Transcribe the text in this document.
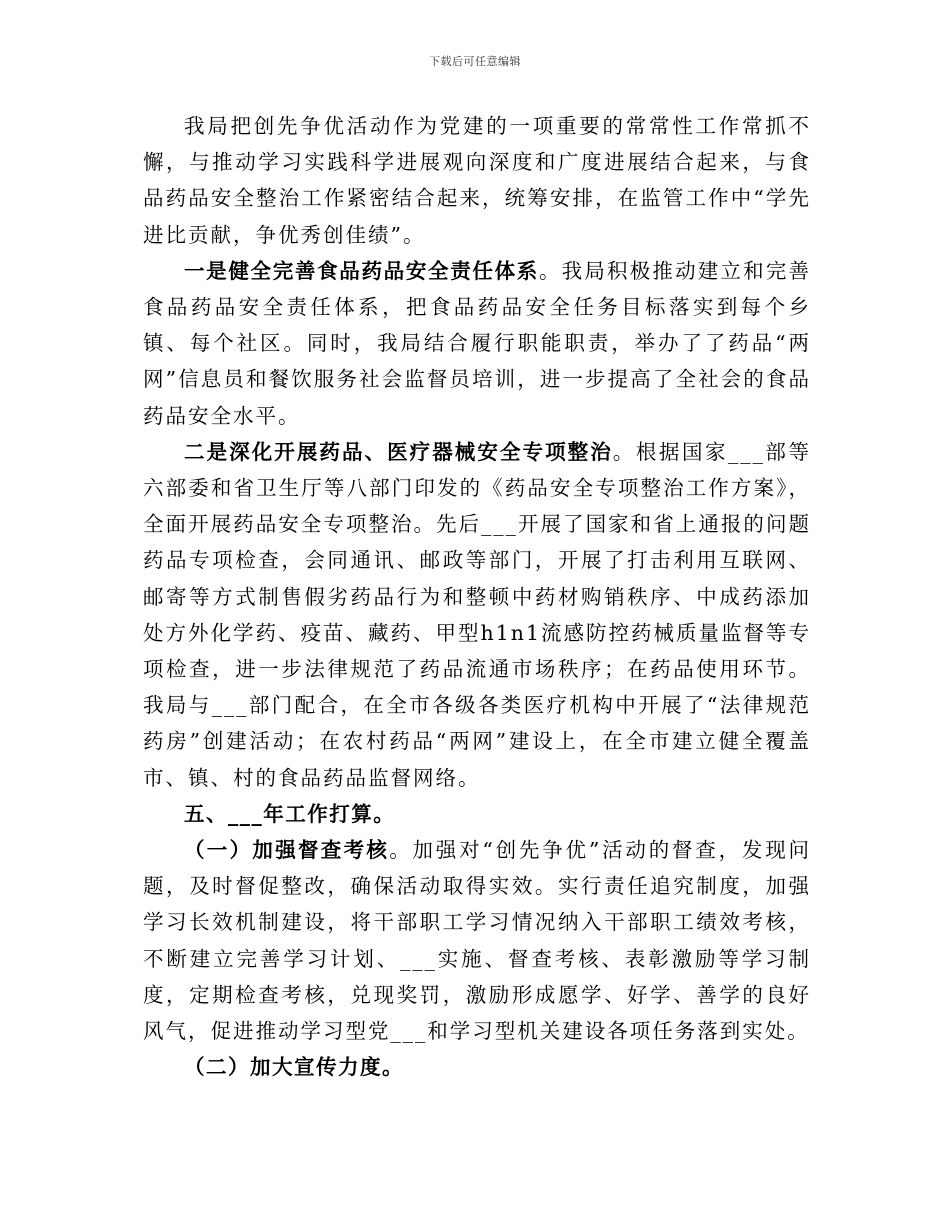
下载后可任意编辑

我局把创先争优活动作为党建的一项重要的常常性工作常抓不懈，与推动学习实践科学进展观向深度和广度进展结合起来，与食品药品安全整治工作紧密结合起来，统筹安排，在监管工作中“学先进比贡献，争优秀创佳绩”。

一是健全完善食品药品安全责任体系。我局积极推动建立和完善食品药品安全责任体系，把食品药品安全任务目标落实到每个乡镇、每个社区。同时，我局结合履行职能职责，举办了了药品“两网”信息员和餐饮服务社会监督员培训，进一步提高了全社会的食品药品安全水平。

二是深化开展药品、医疗器械安全专项整治。根据国家___部等六部委和省卫生厅等八部门印发的《药品安全专项整治工作方案》，全面开展药品安全专项整治。先后___开展了国家和省上通报的问题药品专项检查，会同通讯、邮政等部门，开展了打击利用互联网、邮寄等方式制售假劣药品行为和整顿中药材购销秩序、中成药添加处方外化学药、疫苗、藏药、甲型h1n1流感防控药械质量监督等专项检查，进一步法律规范了药品流通市场秩序；在药品使用环节。我局与___部门配合，在全市各级各类医疗机构中开展了“法律规范药房”创建活动；在农村药品“两网”建设上，在全市建立健全覆盖市、镇、村的食品药品监督网络。

五、___年工作打算。

（一）加强督查考核。加强对“创先争优”活动的督查，发现问题，及时督促整改，确保活动取得实效。实行责任追究制度，加强学习长效机制建设，将干部职工学习情况纳入干部职工绩效考核，不断建立完善学习计划、___实施、督查考核、表彰激励等学习制度，定期检查考核，兑现奖罚，激励形成愿学、好学、善学的良好风气，促进推动学习型党___和学习型机关建设各项任务落到实处。

（二）加大宣传力度。
